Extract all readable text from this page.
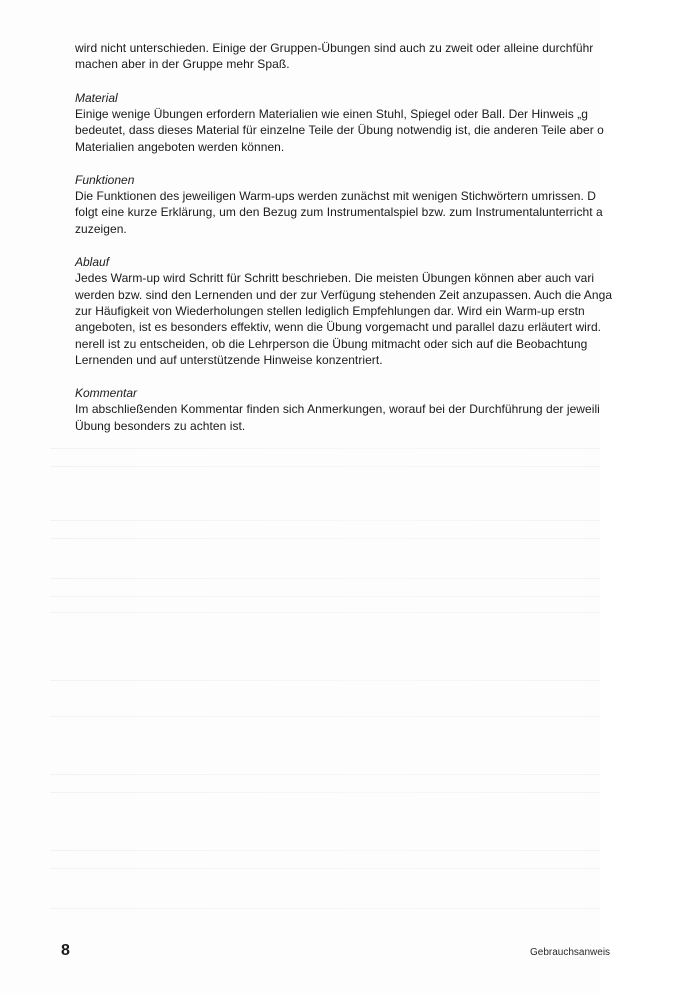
wird nicht unterschieden. Einige der Gruppen-Übungen sind auch zu zweit oder alleine durchführ
machen aber in der Gruppe mehr Spaß.
Material
Einige wenige Übungen erfordern Materialien wie einen Stuhl, Spiegel oder Ball. Der Hinweis „g
bedeutet, dass dieses Material für einzelne Teile der Übung notwendig ist, die anderen Teile aber o
Materialien angeboten werden können.
Funktionen
Die Funktionen des jeweiligen Warm-ups werden zunächst mit wenigen Stichwörtern umrissen. D
folgt eine kurze Erklärung, um den Bezug zum Instrumentalspiel bzw. zum Instrumentalunterricht a
zuzeigen.
Ablauf
Jedes Warm-up wird Schritt für Schritt beschrieben. Die meisten Übungen können aber auch vari
werden bzw. sind den Lernenden und der zur Verfügung stehenden Zeit anzupassen. Auch die Anga
zur Häufigkeit von Wiederholungen stellen lediglich Empfehlungen dar. Wird ein Warm-up erstn
angeboten, ist es besonders effektiv, wenn die Übung vorgemacht und parallel dazu erläutert wird.
nerell ist zu entscheiden, ob die Lehrperson die Übung mitmacht oder sich auf die Beobachtung
Lernenden und auf unterstützende Hinweise konzentriert.
Kommentar
Im abschließenden Kommentar finden sich Anmerkungen, worauf bei der Durchführung der jeweili
Übung besonders zu achten ist.
8	Gebrauchsanweis
